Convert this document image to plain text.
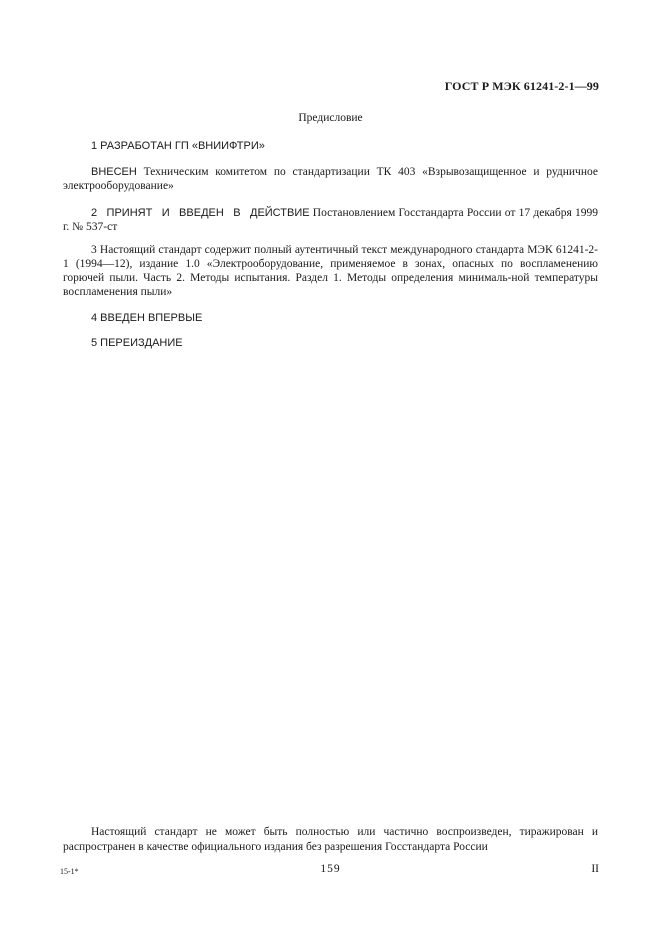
ГОСТ Р МЭК 61241-2-1—99
Предисловие

1 РАЗРАБОТАН ГП «ВНИИФТРИ»

ВНЕСЕН Техническим комитетом по стандартизации ТК 403 «Взрывозащищенное и рудничное электрооборудование»

2 ПРИНЯТ И ВВЕДЕН В ДЕЙСТВИЕ Постановлением Госстандарта России от 17 декабря 1999 г. № 537-ст

3 Настоящий стандарт содержит полный аутентичный текст международного стандарта МЭК 61241-2-1 (1994—12), издание 1.0 «Электрооборудование, применяемое в зонах, опасных по воспламенению горючей пыли. Часть 2. Методы испытания. Раздел 1. Методы определения минималь-ной температуры воспламенения пыли»

4 ВВЕДЕН ВПЕРВЫЕ

5 ПЕРЕИЗДАНИЕ

Настоящий стандарт не может быть полностью или частично воспроизведен, тиражирован и распространен в качестве официального издания без разрешения Госстандарта России

15-1*	159	II
